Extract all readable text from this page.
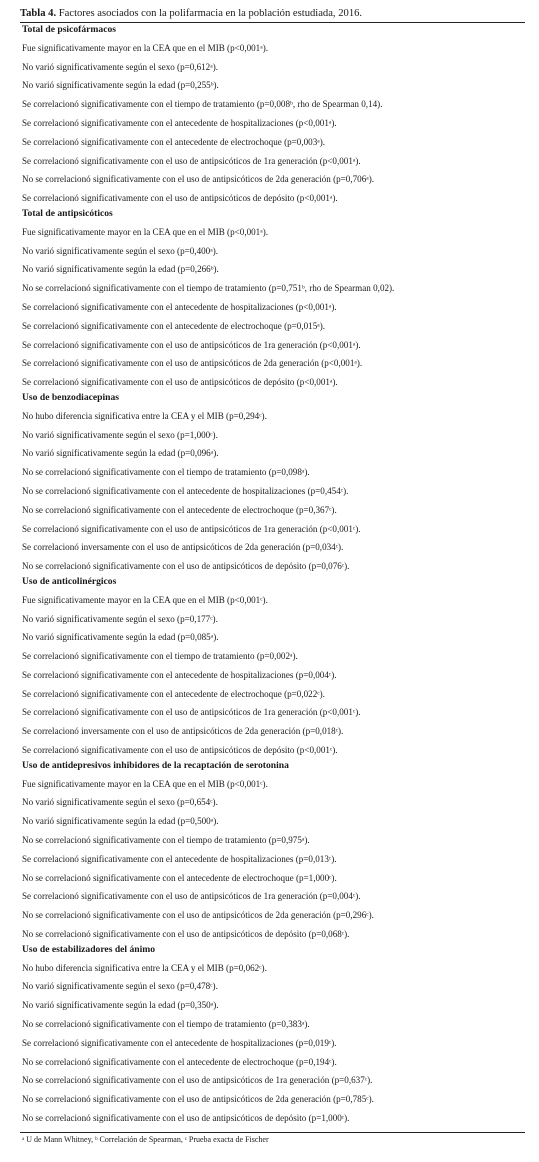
Tabla 4. Factores asociados con la polifarmacia en la población estudiada, 2016.
Total de psicofármacos
Fue significativamente mayor en la CEA que en el MIB (p<0,001ᵃ).
No varió significativamente según el sexo (p=0,612ᵃ).
No varió significativamente según la edad (p=0,255ᵇ).
Se correlacionó significativamente con el tiempo de tratamiento (p=0,008ᵇ, rho de Spearman 0,14).
Se correlacionó significativamente con el antecedente de hospitalizaciones (p<0,001ᵃ).
Se correlacionó significativamente con el antecedente de electrochoque (p=0,003ᵃ).
Se correlacionó significativamente con el uso de antipsicóticos de 1ra generación (p<0,001ᵃ).
No se correlacionó significativamente con el uso de antipsicóticos de 2da generación (p=0,706ᵃ).
Se correlacionó significativamente con el uso de antipsicóticos de depósito (p<0,001ᵃ).
Total de antipsicóticos
Fue significativamente mayor en la CEA que en el MIB (p<0,001ᵃ).
No varió significativamente según el sexo (p=0,400ᵃ).
No varió significativamente según la edad (p=0,266ᵇ).
No se correlacionó significativamente con el tiempo de tratamiento (p=0,751ᵇ, rho de Spearman 0,02).
Se correlacionó significativamente con el antecedente de hospitalizaciones (p<0,001ᵃ).
Se correlacionó significativamente con el antecedente de electrochoque (p=0,015ᵃ).
Se correlacionó significativamente con el uso de antipsicóticos de 1ra generación (p<0,001ᵃ).
Se correlacionó significativamente con el uso de antipsicóticos de 2da generación (p<0,001ᵃ).
Se correlacionó significativamente con el uso de antipsicóticos de depósito (p<0,001ᵃ).
Uso de benzodiacepinas
No hubo diferencia significativa entre la CEA y el MIB (p=0,294ᶜ).
No varió significativamente según el sexo (p=1,000ᶜ).
No varió significativamente según la edad (p=0,096ᵃ).
No se correlacionó significativamente con el tiempo de tratamiento (p=0,098ᵃ).
No se correlacionó significativamente con el antecedente de hospitalizaciones (p=0,454ᶜ).
No se correlacionó significativamente con el antecedente de electrochoque (p=0,367ᶜ).
Se correlacionó significativamente con el uso de antipsicóticos de 1ra generación (p<0,001ᶜ).
Se correlacionó inversamente con el uso de antipsicóticos de 2da generación (p=0,034ᶜ).
No se correlacionó significativamente con el uso de antipsicóticos de depósito (p=0,076ᶜ).
Uso de anticolinérgicos
Fue significativamente mayor en la CEA que en el MIB (p<0,001ᶜ).
No varió significativamente según el sexo (p=0,177ᶜ).
No varió significativamente según la edad (p=0,085ᵃ).
Se correlacionó significativamente con el tiempo de tratamiento (p=0,002ᵃ).
Se correlacionó significativamente con el antecedente de hospitalizaciones (p=0,004ᶜ).
Se correlacionó significativamente con el antecedente de electrochoque (p=0,022ᶜ).
Se correlacionó significativamente con el uso de antipsicóticos de 1ra generación (p<0,001ᶜ).
Se correlacionó inversamente con el uso de antipsicóticos de 2da generación (p=0,018ᶜ).
Se correlacionó significativamente con el uso de antipsicóticos de depósito (p<0,001ᶜ).
Uso de antidepresivos inhibidores de la recaptación de serotonina
Fue significativamente mayor en la CEA que en el MIB (p<0,001ᶜ).
No varió significativamente según el sexo (p=0,654ᶜ).
No varió significativamente según la edad (p=0,500ᵃ).
No se correlacionó significativamente con el tiempo de tratamiento (p=0,975ᵃ).
Se correlacionó significativamente con el antecedente de hospitalizaciones (p=0,013ᶜ).
No se correlacionó significativamente con el antecedente de electrochoque (p=1,000ᶜ).
Se correlacionó significativamente con el uso de antipsicóticos de 1ra generación (p=0,004ᶜ).
No se correlacionó significativamente con el uso de antipsicóticos de 2da generación (p=0,296ᶜ).
No se correlacionó significativamente con el uso de antipsicóticos de depósito (p=0,068ᶜ).
Uso de estabilizadores del ánimo
No hubo diferencia significativa entre la CEA y el MIB (p=0,062ᶜ).
No varió significativamente según el sexo (p=0,478ᶜ).
No varió significativamente según la edad (p=0,350ᵃ).
No se correlacionó significativamente con el tiempo de tratamiento (p=0,383ᵃ).
Se correlacionó significativamente con el antecedente de hospitalizaciones (p=0,019ᶜ).
No se correlacionó significativamente con el antecedente de electrochoque (p=0,194ᶜ).
No se correlacionó significativamente con el uso de antipsicóticos de 1ra generación (p=0,637ᶜ).
No se correlacionó significativamente con el uso de antipsicóticos de 2da generación (p=0,785ᶜ).
No se correlacionó significativamente con el uso de antipsicóticos de depósito (p=1,000ᶜ).
ᵃ U de Mann Whitney, ᵇ Correlación de Spearman, ᶜ Prueba exacta de Fischer
